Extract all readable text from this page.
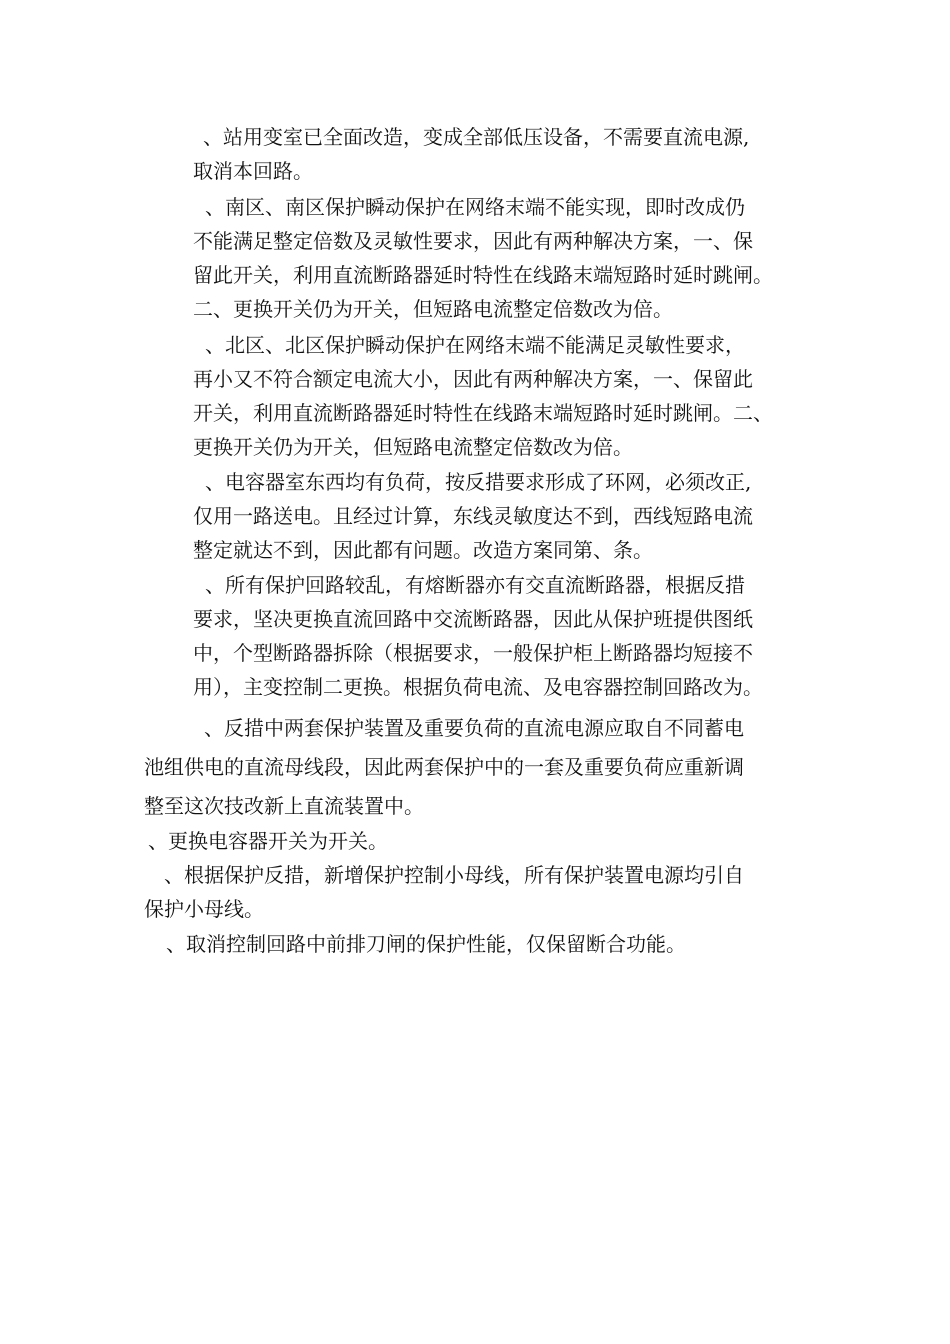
、站用变室已全面改造，变成全部低压设备，不需要直流电源,
取消本回路。
、南区、南区保护瞬动保护在网络末端不能实现，即时改成仍
不能满足整定倍数及灵敏性要求，因此有两种解决方案，一、保
留此开关，利用直流断路器延时特性在线路末端短路时延时跳闸。
二、更换开关仍为开关，但短路电流整定倍数改为倍。
、北区、北区保护瞬动保护在网络末端不能满足灵敏性要求，
再小又不符合额定电流大小，因此有两种解决方案，一、保留此
开关，利用直流断路器延时特性在线路末端短路时延时跳闸。二、
更换开关仍为开关，但短路电流整定倍数改为倍。
、电容器室东西均有负荷，按反措要求形成了环网，必须改正,
仅用一路送电。且经过计算，东线灵敏度达不到，西线短路电流
整定就达不到，因此都有问题。改造方案同第、条。
、所有保护回路较乱，有熔断器亦有交直流断路器，根据反措
要求，坚决更换直流回路中交流断路器，因此从保护班提供图纸
中，个型断路器拆除（根据要求，一般保护柜上断路器均短接不
用），主变控制二更换。根据负荷电流、及电容器控制回路改为。
、反措中两套保护装置及重要负荷的直流电源应取自不同蓄电
池组供电的直流母线段，因此两套保护中的一套及重要负荷应重新调
整至这次技改新上直流装置中。
、更换电容器开关为开关。
、根据保护反措，新增保护控制小母线，所有保护装置电源均引自
保护小母线。
、取消控制回路中前排刀闸的保护性能，仅保留断合功能。
